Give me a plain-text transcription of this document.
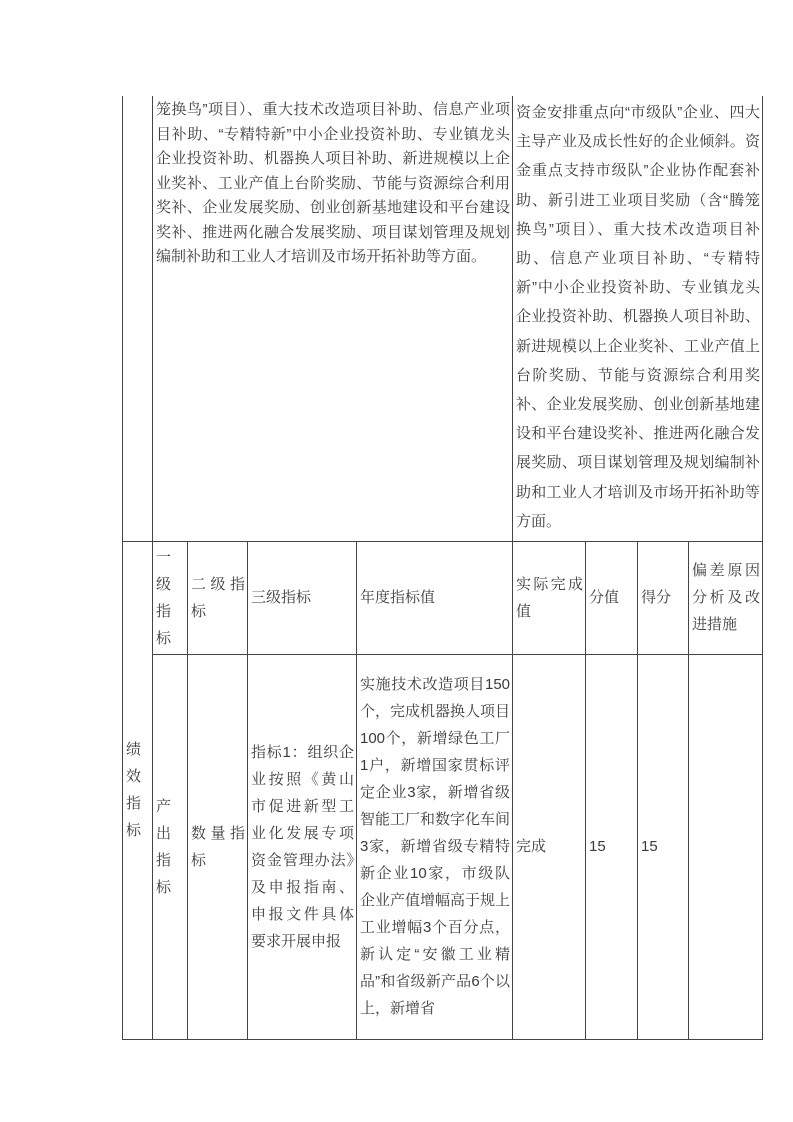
	笼换鸟”项目）、重大技术改造项目补助、信息产业项目补助、“专精特新”中小企业投资补助、专业镇龙头企业投资补助、机器换人项目补助、新进规模以上企业奖补、工业产值上台阶奖励、节能与资源综合利用奖补、企业发展奖励、创业创新基地建设和平台建设奖补、推进两化融合发展奖励、项目谋划管理及规划编制补助和工业人才培训及市场开拓补助等方面。				资金安排重点向“市级队”企业、四大主导产业及成长性好的企业倾斜。资金重点支持市级队”企业协作配套补助、新引进工业项目奖励（含“腾笼换鸟”项目）、重大技术改造项目补助、信息产业项目补助、“专精特新”中小企业投资补助、专业镇龙头企业投资补助、机器换人项目补助、新进规模以上企业奖补、工业产值上台阶奖励、节能与资源综合利用奖补、企业发展奖励、创业创新基地建设和平台建设奖补、推进两化融合发展奖励、项目谋划管理及规划编制补助和工业人才培训及市场开拓补助等方面。			

绩效指标	一级指标	二级指标	三级指标	年度指标值	实际完成值	分值	得分	偏差原因分析及改进措施
	产出指标	数量指标	指标1：组织企业按照《黄山市促进新型工业化发展专项资金管理办法》及申报指南、申报文件具体要求开展申报	实施技术改造项目150个，完成机器换人项目100个，新增绿色工厂1户，新增国家贯标评定企业3家，新增省级智能工厂和数字化车间3家，新增省级专精特新企业10家，市级队企业产值增幅高于规上工业增幅3个百分点，新认定“安徽工业精品”和省级新产品6个以上，新增省	完成	15	15	
